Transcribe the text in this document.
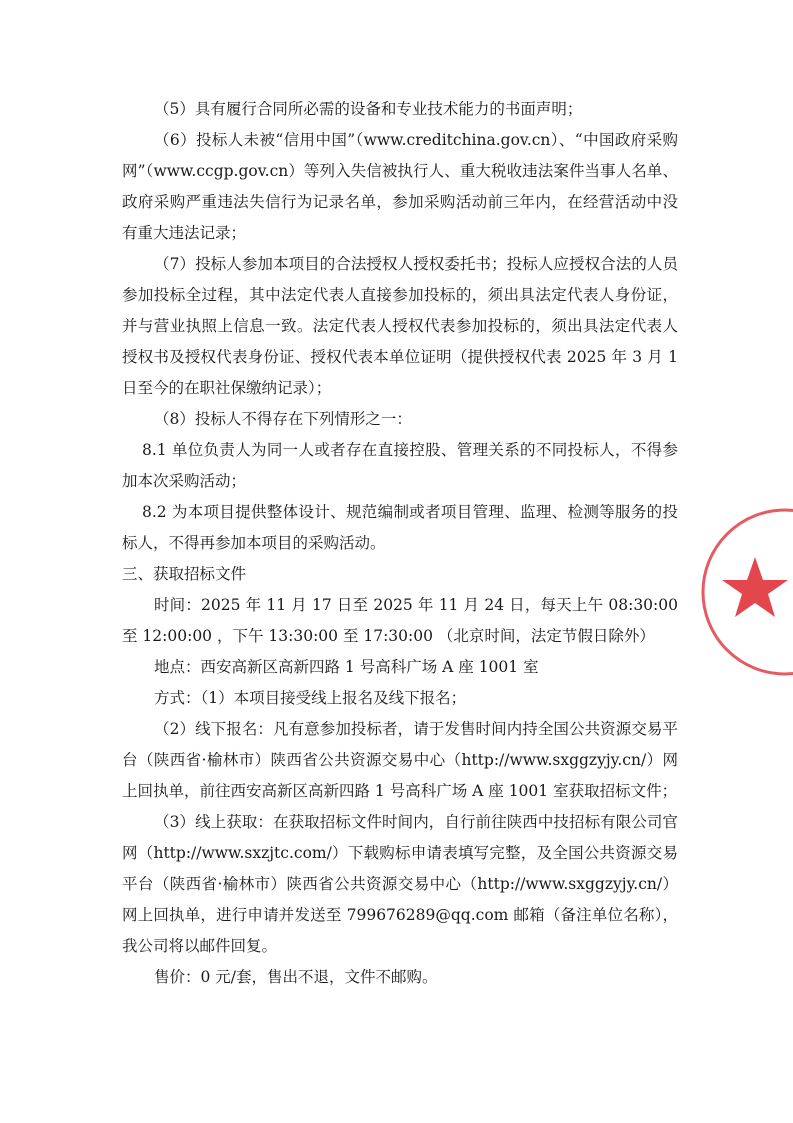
（5）具有履行合同所必需的设备和专业技术能力的书面声明；

（6）投标人未被“信用中国”（www.creditchina.gov.cn）、“中国政府采购网”（www.ccgp.gov.cn）等列入失信被执行人、重大税收违法案件当事人名单、政府采购严重违法失信行为记录名单，参加采购活动前三年内，在经营活动中没有重大违法记录；

（7）投标人参加本项目的合法授权人授权委托书；投标人应授权合法的人员参加投标全过程，其中法定代表人直接参加投标的，须出具法定代表人身份证，并与营业执照上信息一致。法定代表人授权代表参加投标的，须出具法定代表人授权书及授权代表身份证、授权代表本单位证明（提供授权代表 2025 年 3 月 1 日至今的在职社保缴纳记录）；

（8）投标人不得存在下列情形之一：

8.1 单位负责人为同一人或者存在直接控股、管理关系的不同投标人，不得参加本次采购活动；

8.2 为本项目提供整体设计、规范编制或者项目管理、监理、检测等服务的投标人，不得再参加本项目的采购活动。

三、获取招标文件

时间：2025 年 11 月 17 日至 2025 年 11 月 24 日，每天上午 08:30:00 至 12:00:00 ，下午 13:30:00 至 17:30:00 （北京时间，法定节假日除外）

地点：西安高新区高新四路 1 号高科广场 A 座 1001 室

方式：（1）本项目接受线上报名及线下报名；

（2）线下报名：凡有意参加投标者，请于发售时间内持全国公共资源交易平台（陕西省·榆林市）陕西省公共资源交易中心（http://www.sxggzyjy.cn/）网上回执单，前往西安高新区高新四路 1 号高科广场 A 座 1001 室获取招标文件；

（3）线上获取：在获取招标文件时间内，自行前往陕西中技招标有限公司官网（http://www.sxzjtc.com/）下载购标申请表填写完整，及全国公共资源交易平台（陕西省·榆林市）陕西省公共资源交易中心（http://www.sxggzyjy.cn/）网上回执单，进行申请并发送至 799676289@qq.com 邮箱（备注单位名称），我公司将以邮件回复。

售价：0 元/套，售出不退，文件不邮购。
